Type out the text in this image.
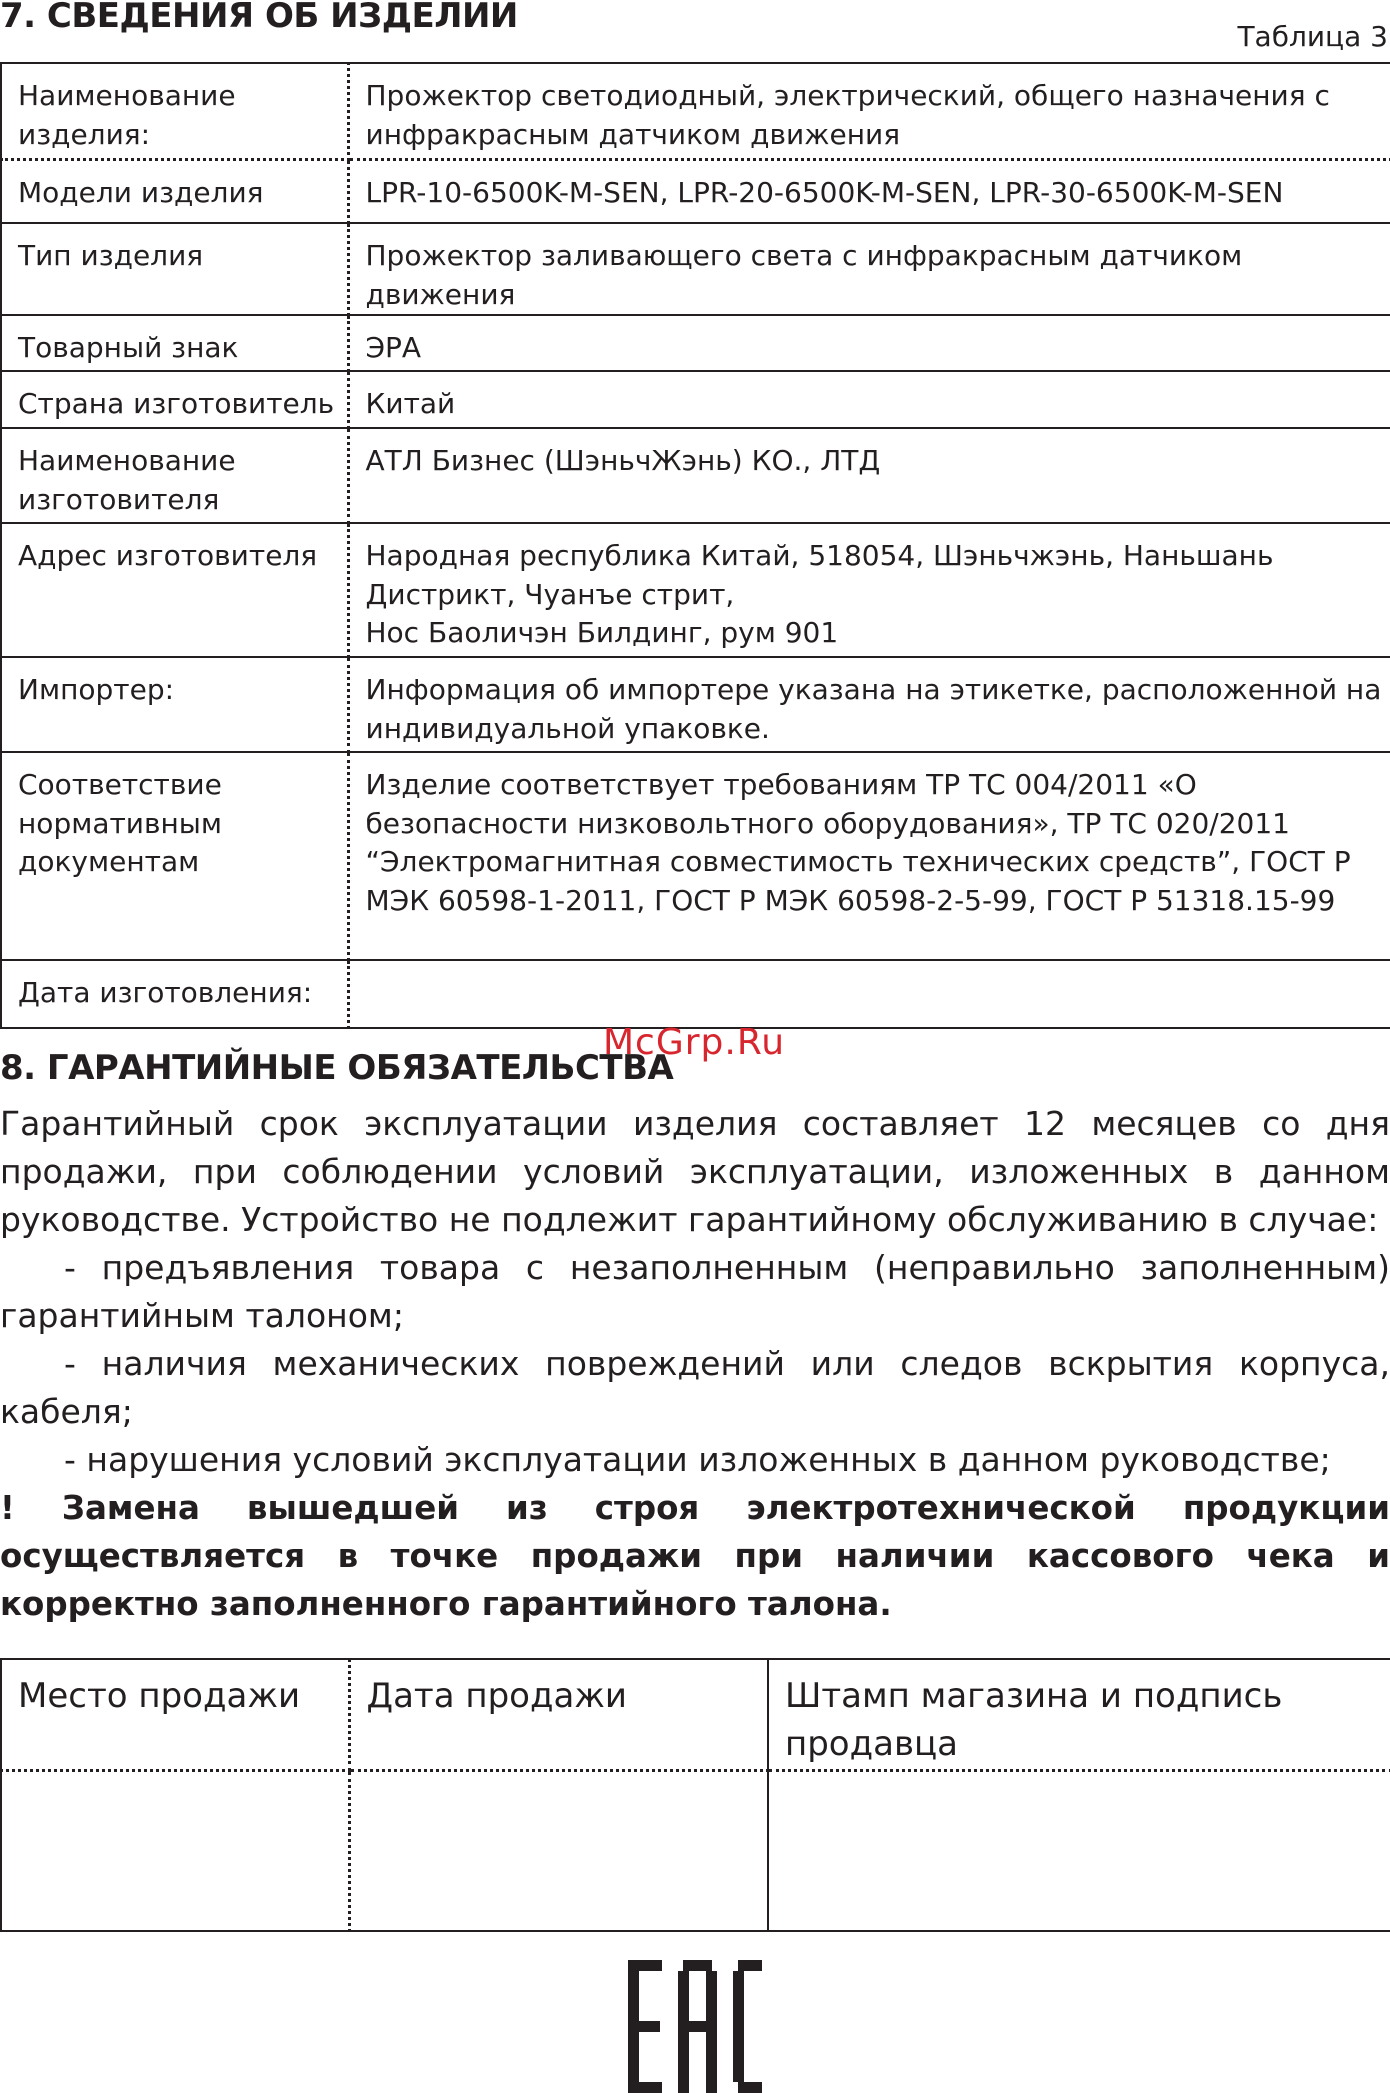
7. СВЕДЕНИЯ ОБ ИЗДЕЛИИ
Таблица 3
Наименование изделия:	Прожектор светодиодный, электрический, общего назначения с инфракрасным датчиком движения
Модели изделия	LPR-10-6500K-M-SEN, LPR-20-6500K-M-SEN, LPR-30-6500K-M-SEN
Тип изделия	Прожектор заливающего света с инфракрасным датчиком движения
Товарный знак	ЭРА
Страна изготовитель	Китай
Наименование изготовителя	АТЛ Бизнес (ШэньчЖэнь) КО., ЛТД
Адрес изготовителя	Народная республика Китай, 518054, Шэньчжэнь, Наньшань
Дистрикт, Чуанъе стрит,
Нос Баоличэн Билдинг, рум 901

Импортер:	Информация об импортере указана на этикетке, расположенной на индивидуальной упаковке.
Соответствие нормативным документам	Изделие соответствует требованиям ТР ТС 004/2011 «О безопасности низковольтного оборудования», ТР ТС 020/2011 “Электромагнитная совместимость технических средств”, ГОСТ Р МЭК 60598-1-2011, ГОСТ Р МЭК 60598-2-5-99, ГОСТ Р 51318.15-99
Дата изготовления:	
8. ГАРАНТИЙНЫЕ ОБЯЗАТЕЛЬСТВА
McGrp.Ru

Гарантийный срок эксплуатации изделия составляет 12 месяцев со дня продажи, при соблюдении условий эксплуатации, изложенных в данном руководстве. Устройство не подлежит гарантийному обслуживанию в случае:

- предъявления товара с незаполненным (неправильно заполненным) гарантийным талоном;

- наличия механических повреждений или следов вскрытия корпуса, кабеля;

- нарушения условий эксплуатации изложенных в данном руководстве;

! Замена вышедшей из строя электротехнической продукции осуществляется в точке продажи при наличии кассового чека и корректно заполненного гарантийного талона.

Место продажи	Дата продажи	Штамп магазина и подпись продавца
